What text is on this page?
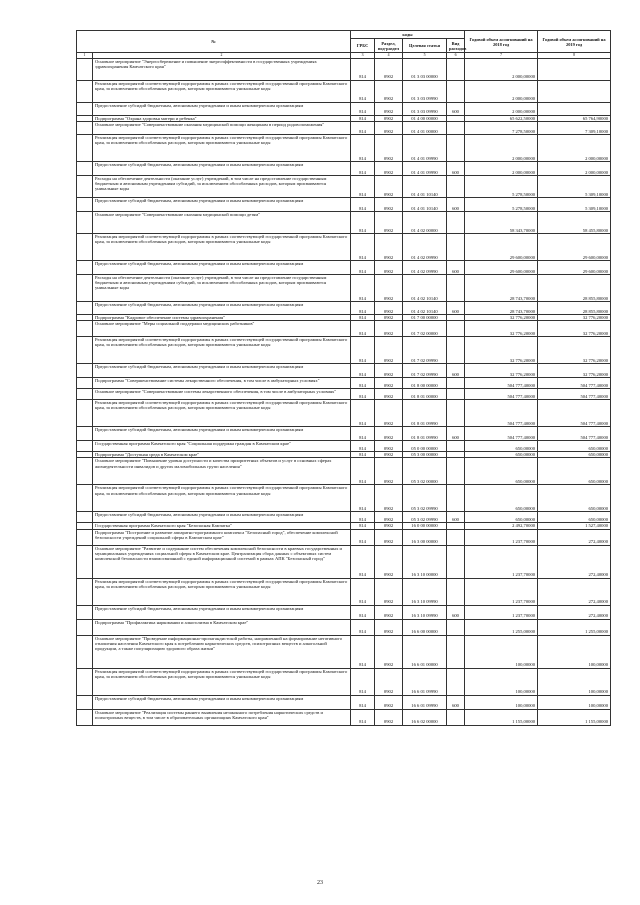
№		коды				Годовой объем ассигнований на 2018 год	Годовой объем ассигнований на 2019 год
		ГРБС	Раздел, под-раздел	Целевая статья	Вид расходов		
1	2	3	4	5	6	7	8
	Основное мероприятие "Энергосбережение и повышение энергоэффективности в государственных учреждениях здравоохранения Камчатского края"	814	0902	01 3 03 00000		2 000,00000	
	Реализация мероприятий соответствующей подпрограммы в рамках соответствующей государственной программы Камчатского края, за исключением обособленных расходов, которым присваиваются уникальные коды	814	0902	01 3 03 09990		2 000,00000	
	Предоставление субсидий бюджетным, автономным учреждениям и иным некоммерческим организациям	814	0902	01 3 03 09990	600	2 000,00000	
	Подпрограмма "Охрана здоровья матери и ребенка"	814	0902	01 4 00 00000		65 622,50000	65 764,90000
	Основное мероприятие "Совершенствование оказания медицинской помощи женщинам в период родовспоможения"	814	0902	01 4 01 00000		7 278,50000	7 309,10000
	Реализация мероприятий соответствующей подпрограммы в рамках соответствующей государственной программы Камчатского края, за исключением обособленных расходов, которым присваиваются уникальные коды	814	0902	01 4 01 09990		2 000,00000	2 000,00000
	Предоставление субсидий бюджетным, автономным учреждениям и иным некоммерческим организациям	814	0902	01 4 01 09990	600	2 000,00000	2 000,00000
	Расходы на обеспечение деятельности (оказание услуг) учреждений, в том числе на предоставление государственным бюджетным и автономным учреждениям субсидий, за исключением обособленных расходов, которым присваиваются уникальные коды	814	0902	01 4 01 10140		5 278,50000	5 309,10000
	Предоставление субсидий бюджетным, автономным учреждениям и иным некоммерческим организациям	814	0902	01 4 01 10140	600	5 278,50000	5 309,10000
	Основное мероприятие "Совершенствование оказания медицинской помощи детям"	814	0902	01 4 02 00000		58 343,70000	58 455,80000
	Реализация мероприятий соответствующей подпрограммы в рамках соответствующей государственной программы Камчатского края, за исключением обособленных расходов, которым присваиваются уникальные коды	814	0902	01 4 02 09990		29 600,00000	29 600,00000
	Предоставление субсидий бюджетным, автономным учреждениям и иным некоммерческим организациям	814	0902	01 4 02 09990	600	29 600,00000	29 600,00000
	Расходы на обеспечение деятельности (оказание услуг) учреждений, в том числе на предоставление государственным бюджетным и автономным учреждениям субсидий, за исключением обособленных расходов, которым присваиваются уникальные коды	814	0902	01 4 02 10140		28 743,70000	28 855,80000
	Предоставление субсидий бюджетным, автономным учреждениям и иным некоммерческим организациям	814	0902	01 4 02 10140	600	28 743,70000	28 855,80000
	Подпрограмма "Кадровое обеспечение системы здравоохранения"	814	0902	01 7 00 00000		32 776,20000	32 776,20000
	Основное мероприятие "Меры социальной поддержки медицинских работников"	814	0902	01 7 02 00000		32 776,20000	32 776,20000
	Реализация мероприятий соответствующей подпрограммы в рамках соответствующей государственной программы Камчатского края, за исключением обособленных расходов, которым присваиваются уникальные коды	814	0902	01 7 02 09990		32 776,20000	32 776,20000
	Предоставление субсидий бюджетным, автономным учреждениям и иным некоммерческим организациям	814	0902	01 7 02 09990	600	32 776,20000	32 776,20000
	Подпрограмма "Совершенствование системы лекарственного обеспечения, в том числе в амбулаторных условиях"	814	0902	01 8 00 00000		504 777,40000	504 777,40000
	Основное мероприятие "Совершенствование системы лекарственного обеспечения, в том числе в амбулаторных условиях"	814	0902	01 8 01 00000		504 777,40000	504 777,40000
	Реализация мероприятий соответствующей подпрограммы в рамках соответствующей государственной программы Камчатского края, за исключением обособленных расходов, которым присваиваются уникальные коды	814	0902	01 8 01 09990		504 777,40000	504 777,40000
	Предоставление субсидий бюджетным, автономным учреждениям и иным некоммерческим организациям	814	0902	01 8 01 09990	600	504 777,40000	504 777,40000
	Государственная программа Камчатского края "Социальная поддержка граждан в Камчатском крае"	814	0902	05 0 00 00000		650,00000	650,00000
	Подпрограмма "Доступная среда в Камчатском крае"	814	0902	05 3 00 00000		650,00000	650,00000
	Основное мероприятие "Повышение уровня доступности и качества приоритетных объектов и услуг в основных сферах жизнедеятельности инвалидов и других маломобильных групп населения"	814	0902	05 3 02 00000		650,00000	650,00000
	Реализация мероприятий соответствующей подпрограммы в рамках соответствующей государственной программы Камчатского края, за исключением обособленных расходов, которым присваиваются уникальные коды	814	0902	05 3 02 09990		650,00000	650,00000
	Предоставление субсидий бюджетным, автономным учреждениям и иным некоммерческим организациям	814	0902	05 3 02 09990	600	650,00000	650,00000
	Государственная программа Камчатского края "Безопасная Камчатка"	814	0902	16 0 00 00000		2 492,70000	1 527,40000
	Подпрограмма "Построение и развитие аппаратно-программного комплекса "Безопасный город", обеспечение комплексной безопасности учреждений социальной сферы в Камчатском крае"	814	0902	16 3 00 00000		1 237,70000	272,40000
	Основное мероприятие "Развитие и содержание систем обеспечения комплексной безопасности в краевых государственных и муниципальных учреждениях социальной сферы в Камчатском крае. Централизация сбора данных с объектовых систем комплексной безопасности взаимосвязанной с единой информационной системой в рамках АПК "Безопасный город"	814	0902	16 3 10 00000		1 237,70000	272,40000
	Реализация мероприятий соответствующей подпрограммы в рамках соответствующей государственной программы Камчатского края, за исключением обособленных расходов, которым присваиваются уникальные коды	814	0902	16 3 10 09990		1 237,70000	272,40000
	Предоставление субсидий бюджетным, автономным учреждениям и иным некоммерческим организациям	814	0902	16 3 10 09990	600	1 237,70000	272,40000
	Подпрограмма "Профилактика наркомании и алкоголизма в Камчатском крае"	814	0902	16 6 00 00000		1 255,00000	1 255,00000
	Основное мероприятие "Проведение информационно-пропагандистской работы, направленной на формирование негативного отношения населения Камчатского края к потреблению наркотических средств, психотропных веществ и алкогольной продукции, а также популяризацию здорового образа жизни"	814	0902	16 6 01 00000		100,00000	100,00000
	Реализация мероприятий соответствующей подпрограммы в рамках соответствующей государственной программы Камчатского края, за исключением обособленных расходов, которым присваиваются уникальные коды	814	0902	16 6 01 09990		100,00000	100,00000
	Предоставление субсидий бюджетным, автономным учреждениям и иным некоммерческим организациям	814	0902	16 6 01 09990	600	100,00000	100,00000
	Основное мероприятие "Реализация системы раннего выявления незаконного потребления наркотических средств и психотропных веществ, в том числе в образовательных организациях Камчатского края"	814	0902	16 6 02 00000		1 155,00000	1 155,00000
23
